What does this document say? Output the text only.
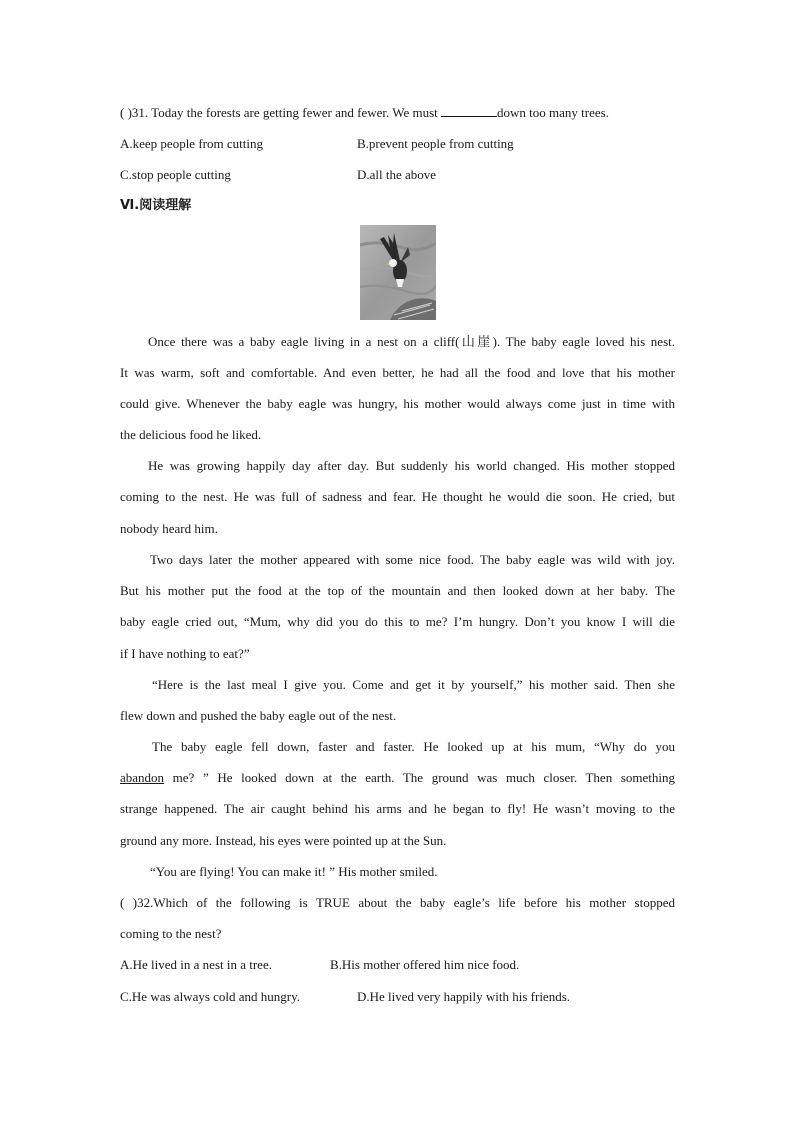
( )31. Today the forests are getting fewer and fewer. We must	down too many trees.
A.keep people from cutting	B.prevent people from cutting
C.stop people cutting	D.all the above
Ⅵ.阅读理解
Once there was a baby eagle living in a nest on a cliff(山崖). The baby eagle loved his nest.
It was warm, soft and comfortable. And even better, he had all the food and love that his mother
could give. Whenever the baby eagle was hungry, his mother would always come just in time with
the delicious food he liked.
He was growing happily day after day. But suddenly his world changed. His mother stopped
coming to the nest. He was full of sadness and fear. He thought he would die soon. He cried, but
nobody heard him.
Two days later the mother appeared with some nice food. The baby eagle was wild with joy.
But his mother put the food at the top of the mountain and then looked down at her baby. The
baby eagle cried out, “Mum, why did you do this to me? I’m hungry. Don’t you know I will die
if I have nothing to eat?”
“Here is the last meal I give you. Come and get it by yourself,” his mother said. Then she
flew down and pushed the baby eagle out of the nest.
The baby eagle fell down, faster and faster. He looked up at his mum, “Why do you
abandon me? ” He looked down at the earth. The ground was much closer. Then something
strange happened. The air caught behind his arms and he began to fly! He wasn’t moving to the
ground any more. Instead, his eyes were pointed up at the Sun.
“You are flying! You can make it! ” His mother smiled.
( )32.Which of the following is TRUE about the baby eagle’s life before his mother stopped
coming to the nest?
A.He lived in a nest in a tree.	B.His mother offered him nice food.
C.He was always cold and hungry.	D.He lived very happily with his friends.
